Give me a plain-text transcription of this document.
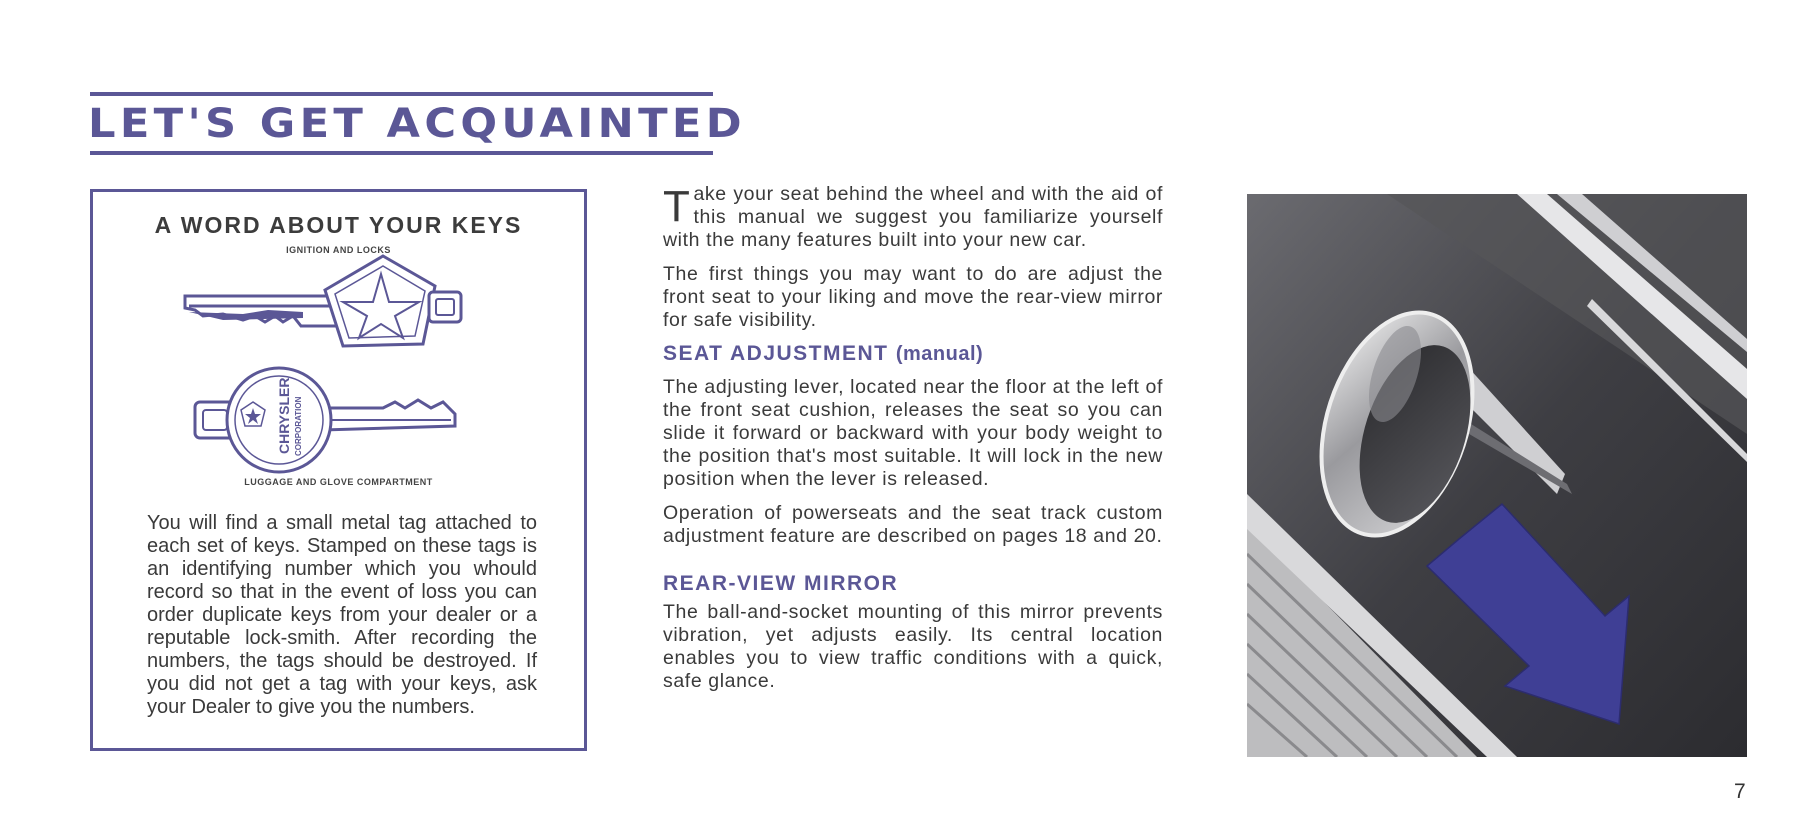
LET'S GET ACQUAINTED
A WORD ABOUT YOUR KEYS
IGNITION AND LOCKS
CHRYSLER CORPORATION
LUGGAGE AND GLOVE COMPARTMENT

You will find a small metal tag attached to each set of keys. Stamped on these tags is an identifying number which you whould record so that in the event of loss you can order duplicate keys from your dealer or a reputable lock-smith. After recording the numbers, the tags should be destroyed. If you did not get a tag with your keys, ask your Dealer to give you the numbers.

Take your seat behind the wheel and with the aid of this manual we suggest you familiarize yourself with the many features built into your new car.

The first things you may want to do are adjust the front seat to your liking and move the rear-view mirror for safe visibility.

SEAT ADJUSTMENT (manual)

The adjusting lever, located near the floor at the left of the front seat cushion, releases the seat so you can slide it forward or backward with your body weight to the position that's most suitable. It will lock in the new position when the lever is released.

Operation of powerseats and the seat track custom adjustment feature are described on pages 18 and 20.

REAR-VIEW MIRROR

The ball-and-socket mounting of this mirror prevents vibration, yet adjusts easily. Its central location enables you to view traffic conditions with a quick, safe glance.

7
